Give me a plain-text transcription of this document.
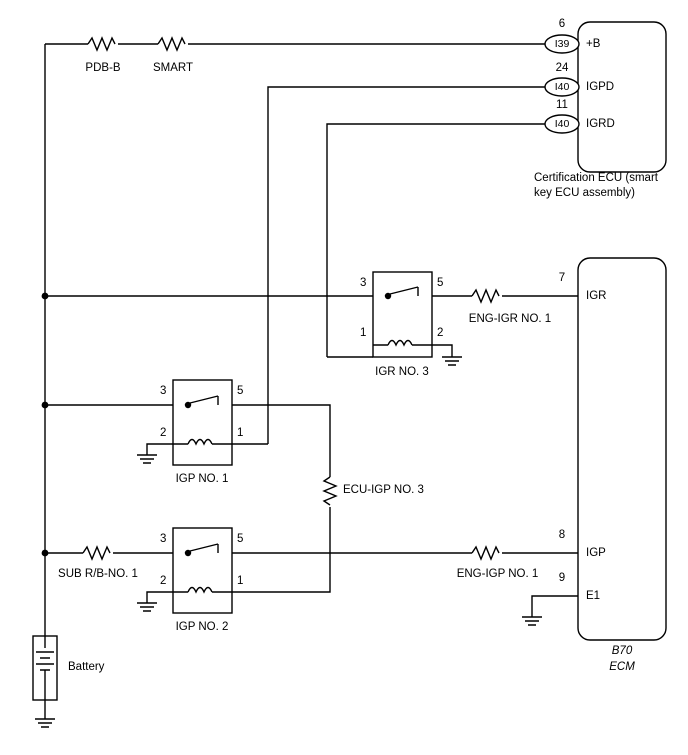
I39
I40
I40
6
24
11
+B
IGPD
IGRD
Certification ECU (smart
key ECU assembly)
7
IGR
8
IGP
9
E1
B70
ECM
PDB-B	SMART
ENG-IGR NO. 1
ECU-IGP NO. 3
SUB R/B-NO. 1	ENG-IGP NO. 1
3	5
1	2
IGR NO. 3
3	5
2	1
IGP NO. 1
3	5
2	1
IGP NO. 2
Battery
